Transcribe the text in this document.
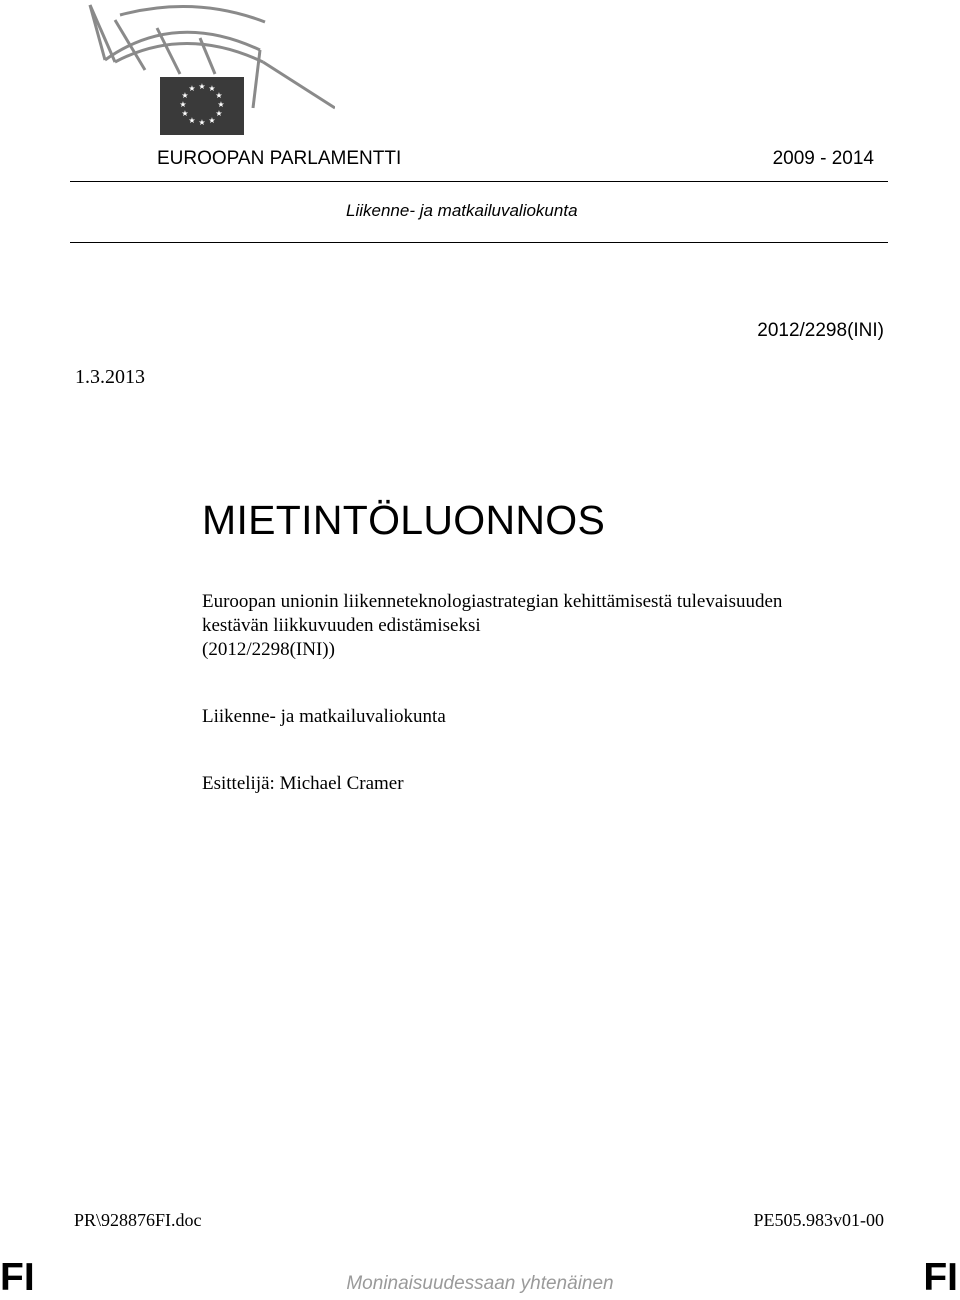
★ ★
★
★
★
★
★
★
★
★
★
★
EUROOPAN PARLAMENTTI	2009 - 2014
Liikenne- ja matkailuvaliokunta
2012/2298(INI)
1.3.2013
MIETINTÖLUONNOS
Euroopan unionin liikenneteknologiastrategian kehittämisestä tulevaisuuden
kestävän liikkuvuuden edistämiseksi
(2012/2298(INI))
Liikenne- ja matkailuvaliokunta
Esittelijä: Michael Cramer
PR\928876FI.doc	PE505.983v01-00
FI	Moninaisuudessaan yhtenäinen	FI
